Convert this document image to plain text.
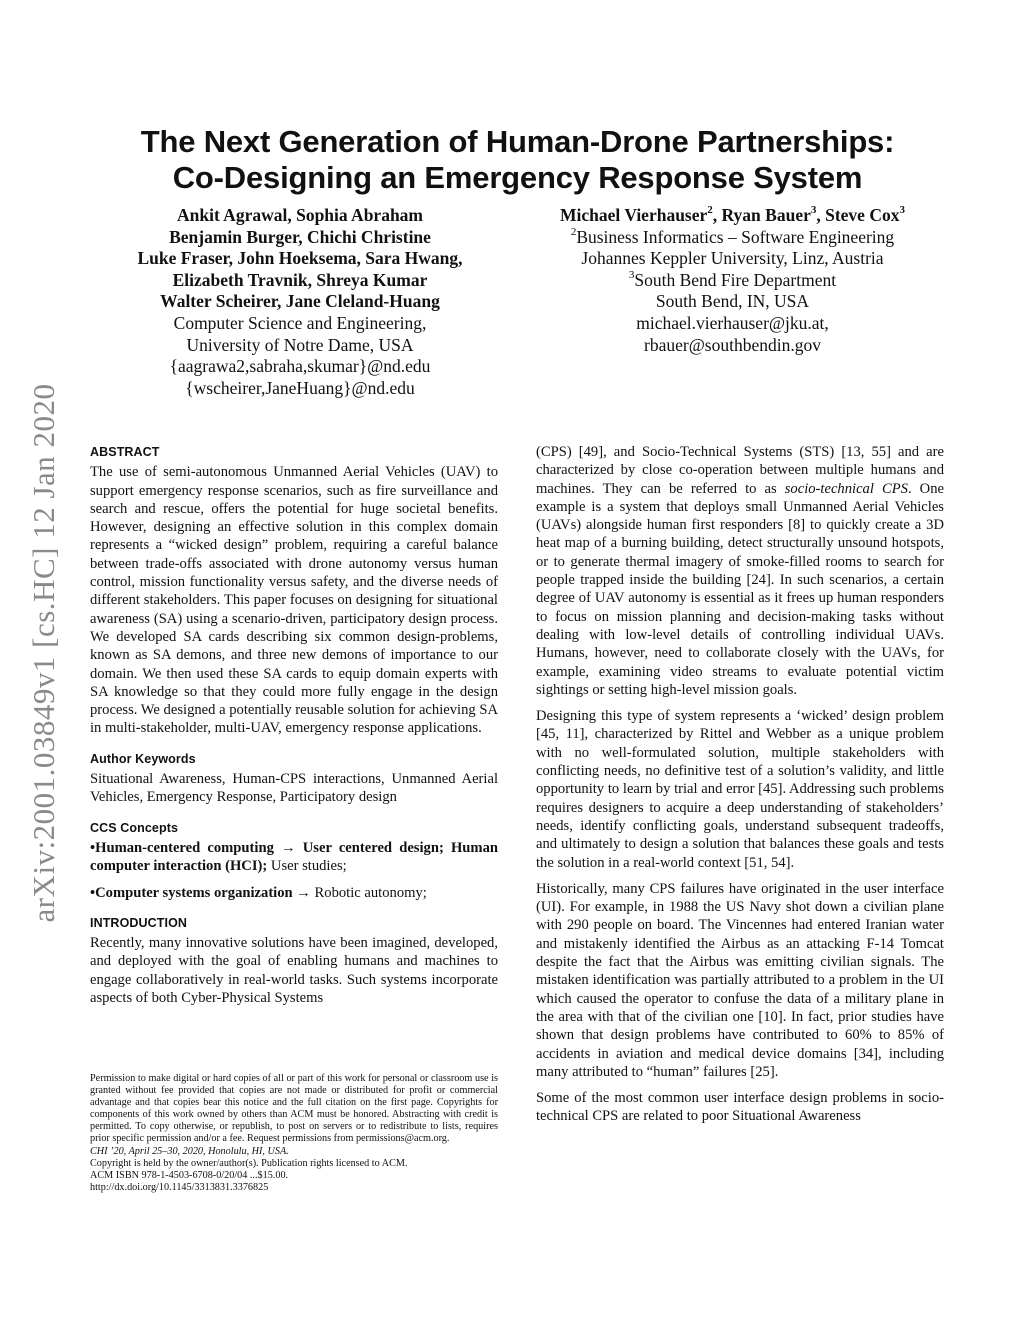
arXiv:2001.03849v1 [cs.HC] 12 Jan 2020
The Next Generation of Human-Drone Partnerships:
Co-Designing an Emergency Response System
Ankit Agrawal, Sophia Abraham
Benjamin Burger, Chichi Christine
Luke Fraser, John Hoeksema, Sara Hwang,
Elizabeth Travnik, Shreya Kumar
Walter Scheirer, Jane Cleland-Huang
Computer Science and Engineering,
University of Notre Dame, USA
{aagrawa2,sabraha,skumar}@nd.edu
{wscheirer,JaneHuang}@nd.edu
Michael Vierhauser$^2$, Ryan Bauer$^3$, Steve Cox$^3$
$^2$Business Informatics – Software Engineering
Johannes Keppler University, Linz, Austria
$^3$South Bend Fire Department
South Bend, IN, USA
michael.vierhauser@jku.at,
rbauer@southbendin.gov
ABSTRACT

The use of semi-autonomous Unmanned Aerial Vehicles (UAV) to support emergency response scenarios, such as fire surveillance and search and rescue, offers the potential for huge societal benefits. However, designing an effective solution in this complex domain represents a “wicked design” problem, requiring a careful balance between trade-offs associated with drone autonomy versus human control, mission functionality versus safety, and the diverse needs of different stakeholders. This paper focuses on designing for situational awareness (SA) using a scenario-driven, participatory design process. We developed SA cards describing six common design-problems, known as SA demons, and three new demons of importance to our domain. We then used these SA cards to equip domain experts with SA knowledge so that they could more fully engage in the design process. We designed a potentially reusable solution for achieving SA in multi-stakeholder, multi-UAV, emergency response applications.

Author Keywords

Situational Awareness, Human-CPS interactions, Unmanned Aerial Vehicles, Emergency Response, Participatory design

CCS Concepts

•Human-centered computing → User centered design; Human computer interaction (HCI); User studies;

•Computer systems organization → Robotic autonomy;

INTRODUCTION

Recently, many innovative solutions have been imagined, developed, and deployed with the goal of enabling humans and machines to engage collaboratively in real-world tasks. Such systems incorporate aspects of both Cyber-Physical Systems

Permission to make digital or hard copies of all or part of this work for personal or classroom use is granted without fee provided that copies are not made or distributed for profit or commercial advantage and that copies bear this notice and the full citation on the first page. Copyrights for components of this work owned by others than ACM must be honored. Abstracting with credit is permitted. To copy otherwise, or republish, to post on servers or to redistribute to lists, requires prior specific permission and/or a fee. Request permissions from permissions@acm.org.

CHI ’20, April 25–30, 2020, Honolulu, HI, USA.

Copyright is held by the owner/author(s). Publication rights licensed to ACM.

ACM ISBN 978-1-4503-6708-0/20/04 ...$15.00.

http://dx.doi.org/10.1145/3313831.3376825

(CPS) [49], and Socio-Technical Systems (STS) [13, 55] and are characterized by close co-operation between multiple humans and machines. They can be referred to as socio-technical CPS. One example is a system that deploys small Unmanned Aerial Vehicles (UAVs) alongside human first responders [8] to quickly create a 3D heat map of a burning building, detect structurally unsound hotspots, or to generate thermal imagery of smoke-filled rooms to search for people trapped inside the building [24]. In such scenarios, a certain degree of UAV autonomy is essential as it frees up human responders to focus on mission planning and decision-making tasks without dealing with low-level details of controlling individual UAVs. Humans, however, need to collaborate closely with the UAVs, for example, examining video streams to evaluate potential victim sightings or setting high-level mission goals.

Designing this type of system represents a ‘wicked’ design problem [45, 11], characterized by Rittel and Webber as a unique problem with no well-formulated solution, multiple stakeholders with conflicting needs, no definitive test of a solution’s validity, and little opportunity to learn by trial and error [45]. Addressing such problems requires designers to acquire a deep understanding of stakeholders’ needs, identify conflicting goals, understand subsequent tradeoffs, and ultimately to design a solution that balances these goals and tests the solution in a real-world context [51, 54].

Historically, many CPS failures have originated in the user interface (UI). For example, in 1988 the US Navy shot down a civilian plane with 290 people on board. The Vincennes had entered Iranian water and mistakenly identified the Airbus as an attacking F-14 Tomcat despite the fact that the Airbus was emitting civilian signals. The mistaken identification was partially attributed to a problem in the UI which caused the operator to confuse the data of a military plane in the area with that of the civilian one [10]. In fact, prior studies have shown that design problems have contributed to 60% to 85% of accidents in aviation and medical device domains [34], including many attributed to “human” failures [25].

Some of the most common user interface design problems in socio-technical CPS are related to poor Situational Awareness
